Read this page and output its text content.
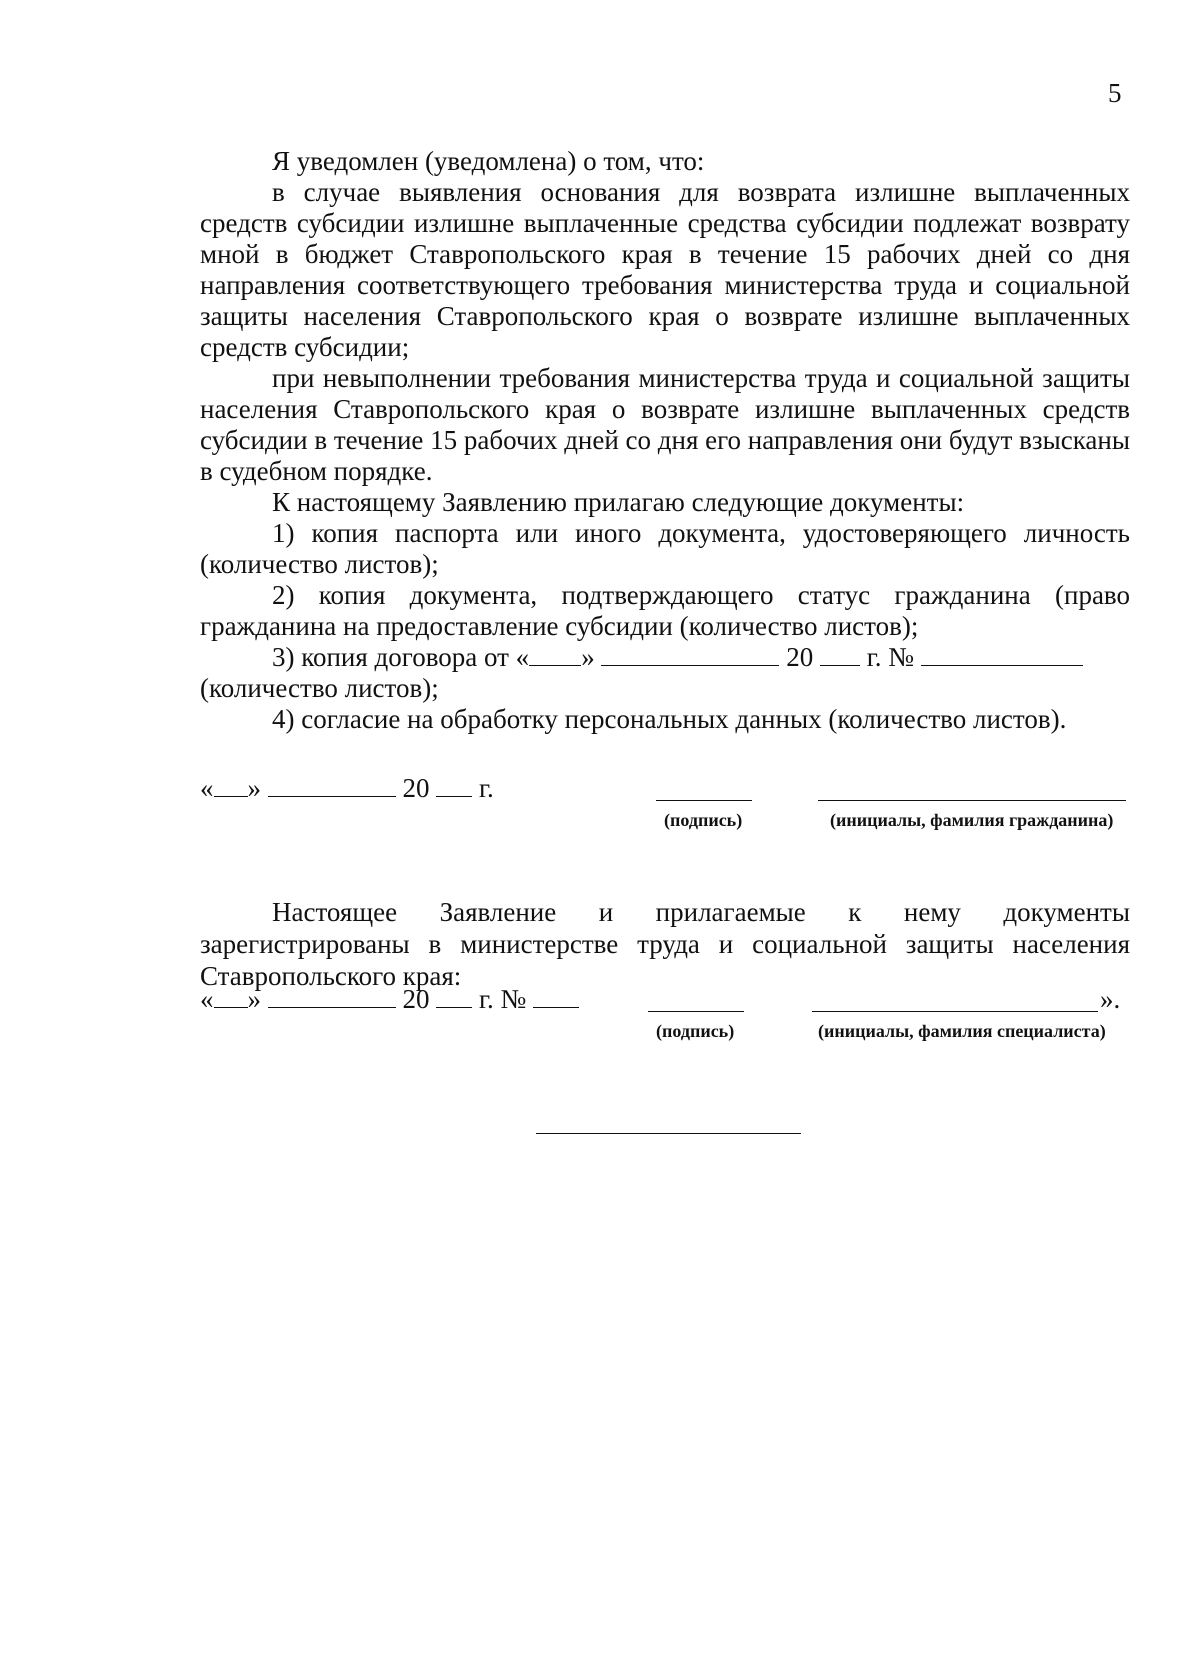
5

Я уведомлен (уведомлена) о том, что:

в случае выявления основания для возврата излишне выплаченных средств субсидии излишне выплаченные средства субсидии подлежат возврату мной в бюджет Ставропольского края в течение 15 рабочих дней со дня направления соответствующего требования министерства труда и социальной защиты населения Ставропольского края о возврате излишне выплаченных средств субсидии;

при невыполнении требования министерства труда и социальной защиты населения Ставропольского края о возврате излишне выплаченных средств субсидии в течение 15 рабочих дней со дня его направления они будут взысканы в судебном порядке.

К настоящему Заявлению прилагаю следующие документы:

1) копия паспорта или иного документа, удостоверяющего личность (количество листов);

2) копия документа, подтверждающего статус гражданина (право гражданина на предоставление субсидии (количество листов);

3) копия договора от « »	20 г. №

(количество листов);

4) согласие на обработку персональных данных (количество листов).

« »	20 г.
(подпись)	(инициалы, фамилия гражданина)

Настоящее Заявление и прилагаемые к нему документы зарегистрированы в министерстве труда и социальной защиты населения Ставропольского края:

« »	20 г. №	».
(подпись)	(инициалы, фамилия специалиста)
